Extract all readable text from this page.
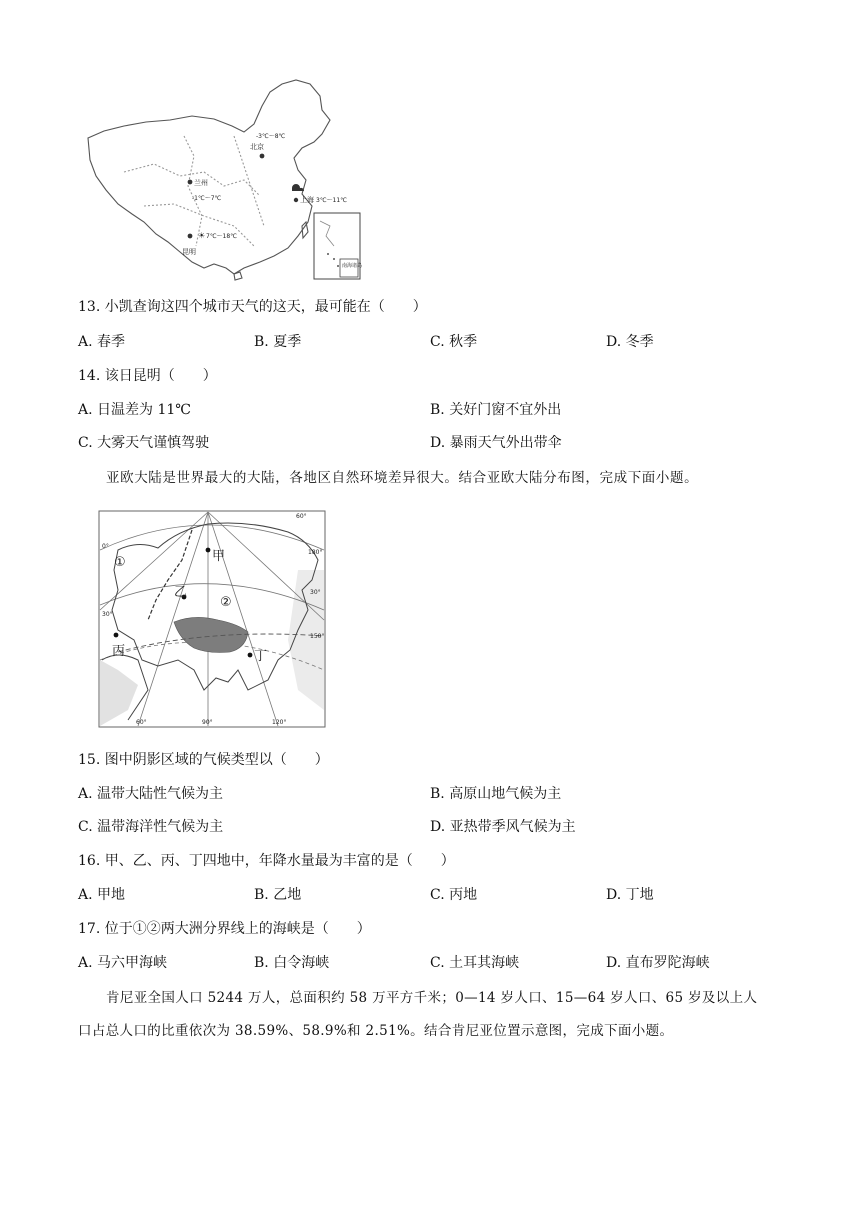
南海诸岛
-3℃～8℃
北京
兰州
-1℃～7℃	上海 3℃～11℃
☀ 7℃～18℃
昆明
13. 小凯查询这四个城市天气的这天，最可能在（　　）
A. 春季	B. 夏季	C. 秋季	D. 冬季
14. 该日昆明（　　）
A. 日温差为 11℃	B. 关好门窗不宜外出
C. 大雾天气谨慎驾驶	D. 暴雨天气外出带伞
亚欧大陆是世界最大的大陆，各地区自然环境差异很大。结合亚欧大陆分布图，完成下面小题。
甲
乙
丙	丁
①
②
60°
0°
180°
30°
30°
150°
60°	90°	120°
15. 图中阴影区域的气候类型以（　　）
A. 温带大陆性气候为主	B. 高原山地气候为主
C. 温带海洋性气候为主	D. 亚热带季风气候为主
16. 甲、乙、丙、丁四地中，年降水量最为丰富的是（　　）
A. 甲地	B. 乙地	C. 丙地	D. 丁地
17. 位于①②两大洲分界线上的海峡是（　　）
A. 马六甲海峡	B. 白令海峡	C. 土耳其海峡	D. 直布罗陀海峡
肯尼亚全国人口 5244 万人，总面积约 58 万平方千米；0—14 岁人口、15—64 岁人口、65 岁及以上人
口占总人口的比重依次为 38.59%、58.9%和 2.51%。结合肯尼亚位置示意图，完成下面小题。
